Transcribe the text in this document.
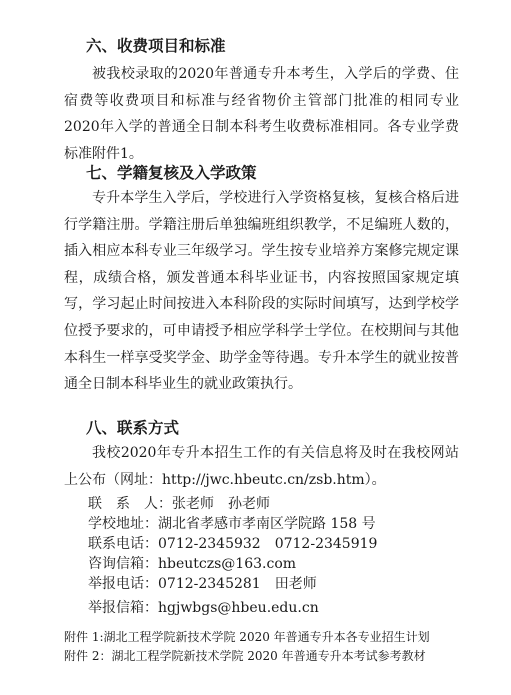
六、收费项目和标准

被我校录取的2020年普通专升本考生，入学后的学费、住宿费等收费项目和标准与经省物价主管部门批准的相同专业2020年入学的普通全日制本科考生收费标准相同。各专业学费标准附件1。

七、学籍复核及入学政策

专升本学生入学后，学校进行入学资格复核，复核合格后进行学籍注册。学籍注册后单独编班组织教学，不足编班人数的，插入相应本科专业三年级学习。学生按专业培养方案修完规定课程，成绩合格，颁发普通本科毕业证书，内容按照国家规定填写，学习起止时间按进入本科阶段的实际时间填写，达到学校学位授予要求的，可申请授予相应学科学士学位。在校期间与其他本科生一样享受奖学金、助学金等待遇。专升本学生的就业按普通全日制本科毕业生的就业政策执行。

八、联系方式

我校2020年专升本招生工作的有关信息将及时在我校网站上公布（网址：http://jwc.hbeutc.cn/zsb.htm）。

联　系　人：张老师　孙老师
学校地址：湖北省孝感市孝南区学院路 158 号
联系电话：0712-2345932　0712-2345919
咨询信箱：hbeutczs@163.com
举报电话：0712-2345281　田老师
举报信箱：hgjwbgs@hbeu.edu.cn
附件 1:湖北工程学院新技术学院 2020 年普通专升本各专业招生计划
附件 2：湖北工程学院新技术学院 2020 年普通专升本考试参考教材
